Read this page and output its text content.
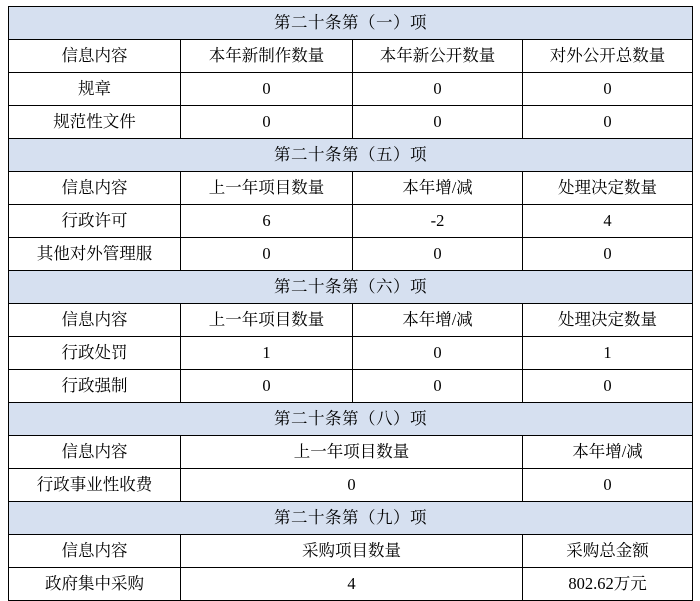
第二十条第（一）项			
信息内容	本年新制作数量	本年新公开数量	对外公开总数量
规章	0	0	0
规范性文件	0	0	0
第二十条第（五）项			
信息内容	上一年项目数量	本年增/减	处理决定数量
行政许可	6	-2	4
其他对外管理服	0	0	0
第二十条第（六）项			
信息内容	上一年项目数量	本年增/减	处理决定数量
行政处罚	1	0	1
行政强制	0	0	0
第二十条第（八）项			
信息内容	上一年项目数量		本年增/减
行政事业性收费	0		0
第二十条第（九）项			
信息内容	采购项目数量		采购总金额
政府集中采购	4		802.62万元
